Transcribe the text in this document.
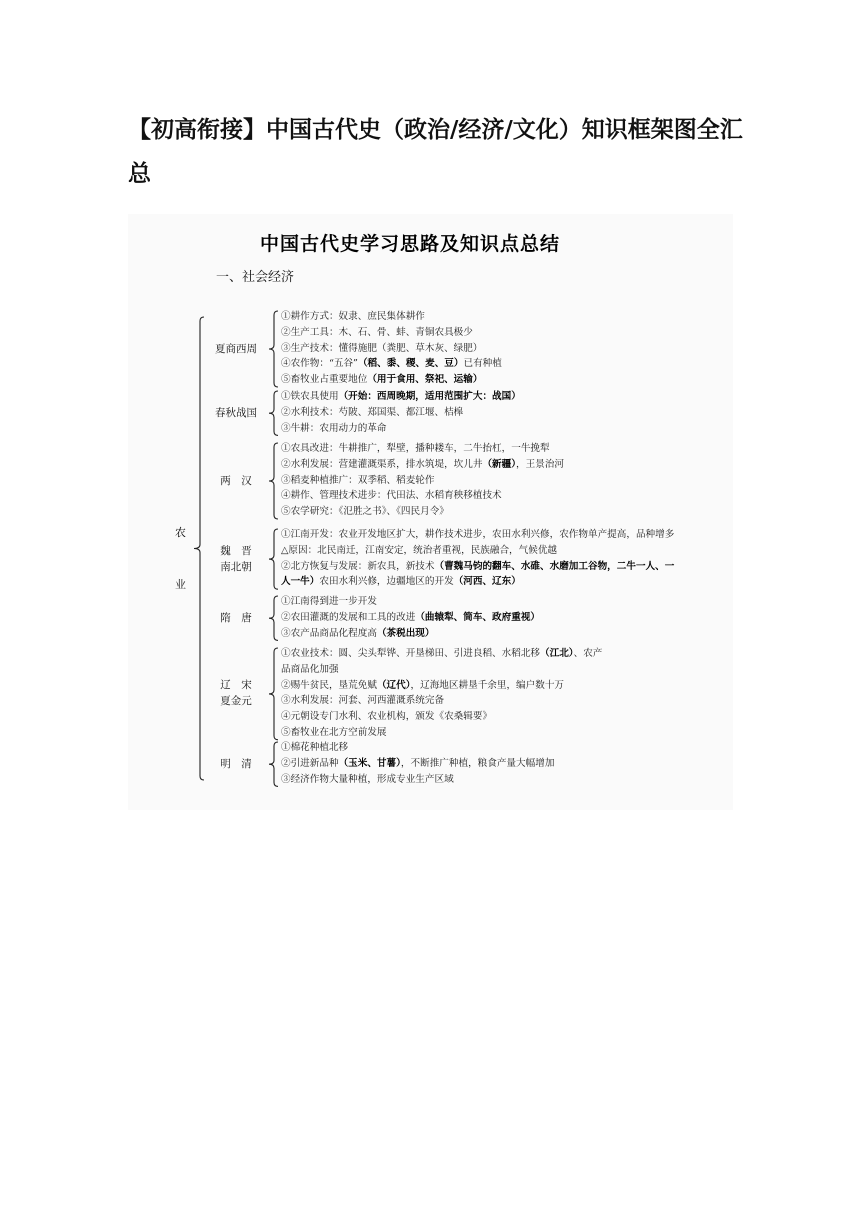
【初高衔接】中国古代史（政治/经济/文化）知识框架图全汇总
中国古代史学习思路及知识点总结
一、社会经济
农
业
夏商西周
①耕作方式：奴隶、庶民集体耕作
②生产工具：木、石、骨、蚌、青铜农具极少
③生产技术：懂得施肥（粪肥、草木灰、绿肥）
④农作物：“五谷”（稻、黍、稷、麦、豆）已有种植
⑤畜牧业占重要地位（用于食用、祭祀、运输）
春秋战国
①铁农具使用（开始：西周晚期，适用范围扩大：战国）
②水利技术：芍陂、郑国渠、都江堰、桔槔
③牛耕：农用动力的革命
两　汉
①农具改进：牛耕推广，犁壁，播种耧车，二牛抬杠，一牛挽犁
②水利发展：营建灌溉渠系，排水筑堤，坎儿井（新疆），王景治河
③稻麦种植推广：双季稻、稻麦轮作
④耕作、管理技术进步：代田法、水稻育秧移植技术
⑤农学研究：《氾胜之书》、《四民月令》
魏　晋
南北朝
①江南开发：农业开发地区扩大，耕作技术进步，农田水利兴修，农作物单产提高，品种增多
△原因：北民南迁，江南安定，统治者重视，民族融合，气候优越
②北方恢复与发展：新农具，新技术（曹魏马钧的翻车、水碓、水磨加工谷物，二牛一人、一
人一牛）农田水利兴修，边疆地区的开发（河西、辽东）
隋　唐
①江南得到进一步开发
②农田灌溉的发展和工具的改进（曲辕犁、筒车、政府重视）
③农产品商品化程度高（茶税出现）
辽　宋
夏金元
①农业技术：圆、尖头犁铧、开垦梯田、引进良稻、水稻北移（江北）、农产
品商品化加强
②赐牛贫民，垦荒免赋（辽代），辽海地区耕垦千余里，编户数十万
③水利发展：河套、河西灌溉系统完备
④元朝设专门水利、农业机构，颁发《农桑辑要》
⑤畜牧业在北方空前发展
明　清
①棉花种植北移
②引进新品种（玉米、甘薯），不断推广种植，粮食产量大幅增加
③经济作物大量种植，形成专业生产区域
